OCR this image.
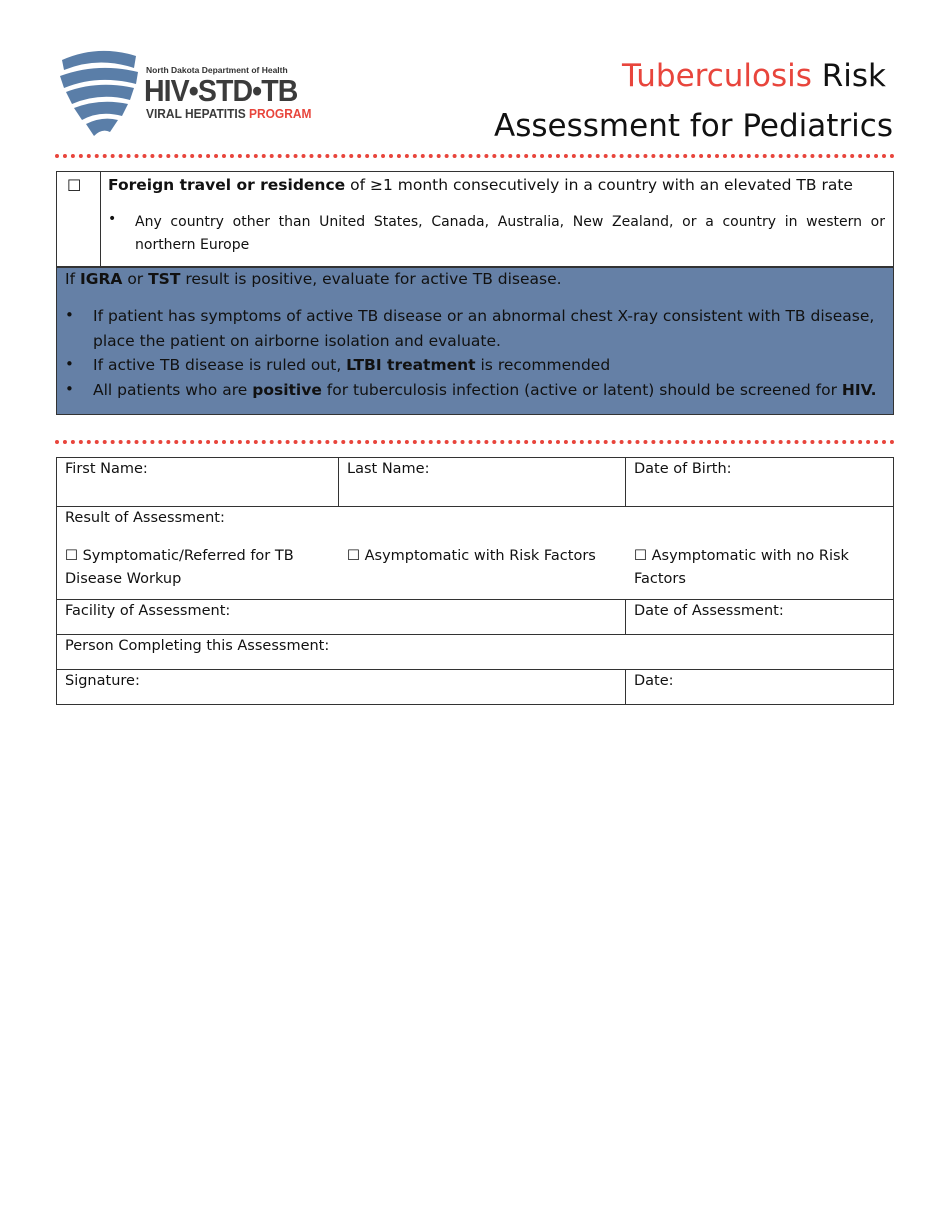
North Dakota Department of Health
HIV•STD•TB
VIRAL HEPATITIS PROGRAM
Tuberculosis Risk
Assessment for Pediatrics
☐ Foreign travel or residence of ≥1 month consecutively in a country with an elevated TB rate
• Any country other than United States, Canada, Australia, New Zealand, or a country in western or northern Europe
If IGRA or TST result is positive, evaluate for active TB disease.
• If patient has symptoms of active TB disease or an abnormal chest X-ray consistent with TB disease, place the patient on airborne isolation and evaluate.
• If active TB disease is ruled out, LTBI treatment is recommended
• All patients who are positive for tuberculosis infection (active or latent) should be screened for HIV.
First Name:	Last Name:	Date of Birth:

Result of Assessment:
☐ Symptomatic/Referred for TB Disease Workup
☐ Asymptomatic with Risk Factors ☐ Asymptomatic with no Risk Factors		

Facility of Assessment:		Date of Assessment:
Person Completing this Assessment:		
Signature:		Date:
